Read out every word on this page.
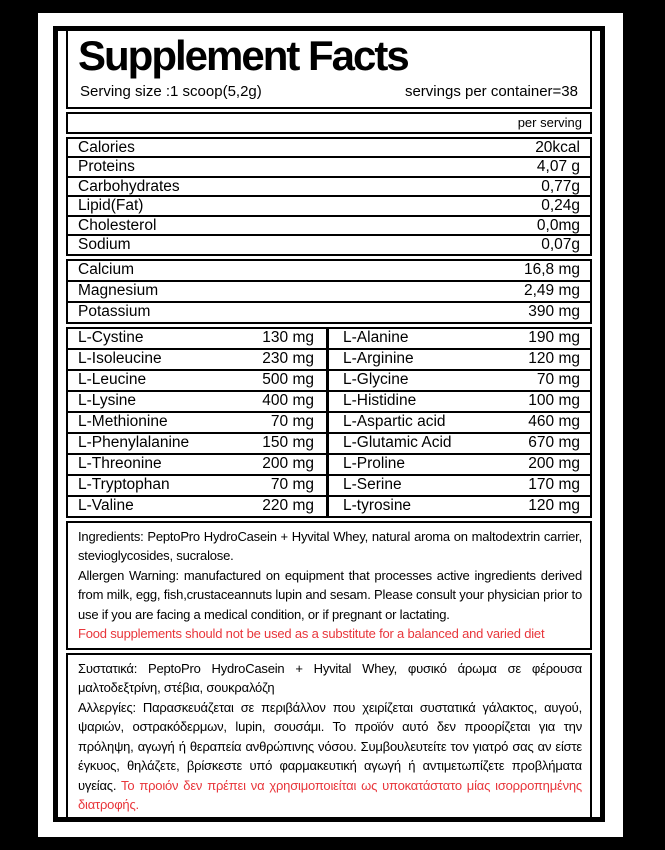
Supplement Facts
Serving size :1 scoop(5,2g)	servings per container=38
per serving
Calories	20kcal
Proteins	4,07 g
Carbohydrates	0,77g
Lipid(Fat)	0,24g
Cholesterol	0,0mg
Sodium	0,07g
Calcium	16,8 mg
Magnesium	2,49 mg
Potassium	390 mg
L-Cystine	130 mg L-Alanine	190 mg
L-Isoleucine	230 mg L-Arginine	120 mg
L-Leucine	500 mg L-Glycine	70 mg
L-Lysine	400 mg L-Histidine	100 mg
L-Methionine	70 mg L-Aspartic acid	460 mg
L-Phenylalanine	150 mg L-Glutamic Acid	670 mg
L-Threonine	200 mg L-Proline	200 mg
L-Tryptophan	70 mg L-Serine	170 mg
L-Valine	220 mg L-tyrosine	120 mg

Ingredients: PeptoPro HydroCasein + Hyvital Whey, natural aroma on maltodextrin carrier, stevioglycosides, sucralose.

Allergen Warning: manufactured on equipment that processes active ingredients derived from milk, egg, fish,crustaceannuts lupin and sesam. Please consult your physician prior to use if you are facing a medical condition, or if pregnant or lactating.

Food supplements should not be used as a substitute for a balanced and varied diet

Συστατικά: PeptoPro HydroCasein + Hyvital Whey, φυσικό άρωμα σε φέρουσα μαλτοδεξτρίνη, στέβια, σουκραλόζη

Αλλεργίες: Παρασκευάζεται σε περιβάλλον που χειρίζεται συστατικά γάλακτος, αυγού, ψαριών, οστρακόδερμων, lupin, σουσάμι. Το προϊόν αυτό δεν προορίζεται για την πρόληψη, αγωγή ή θεραπεία ανθρώπινης νόσου. Συμβουλευτείτε τον γιατρό σας αν είστε έγκυος, θηλάζετε, βρίσκεστε υπό φαρμακευτική αγωγή ή αντιμετωπίζετε προβλήματα υγείας. Το προιόν δεν πρέπει να χρησιμοποιείται ως υποκατάστατο μίας ισορροπημένης διατροφής.
